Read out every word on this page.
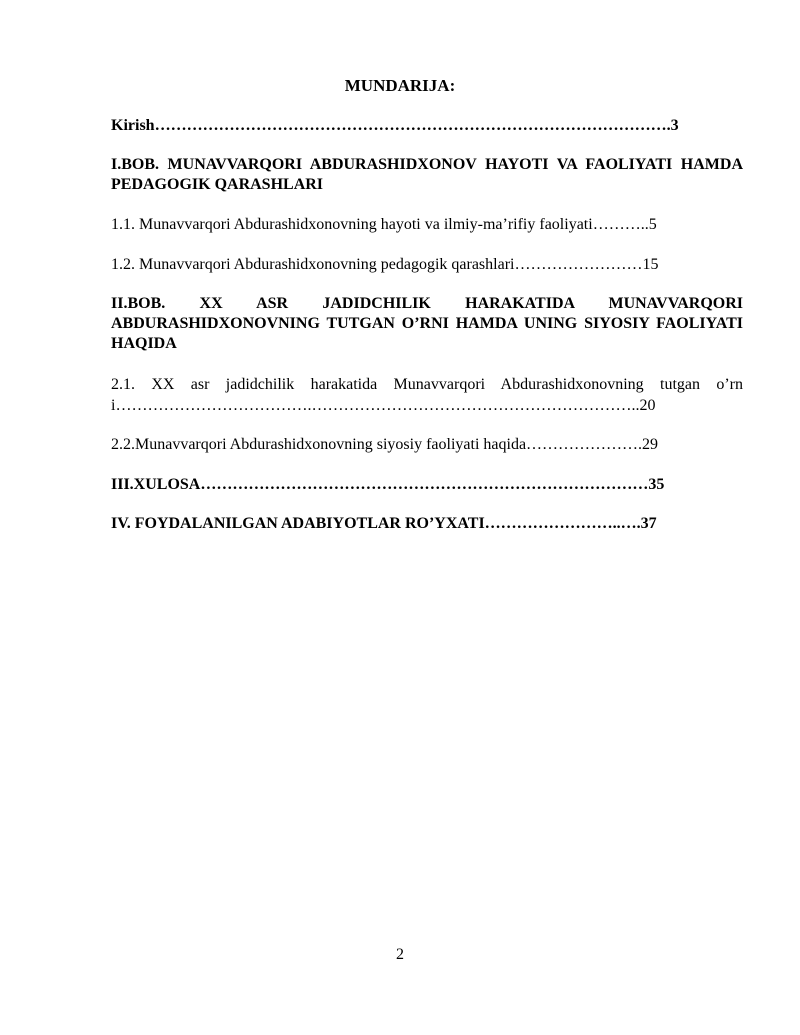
MUNDARIJA:
Kirish…………………………………………………………………………………….3
I.BOB. MUNAVVARQORI ABDURASHIDXONOV HAYOTI VA FAOLIYATI HAMDA PEDAGOGIK QARASHLARI
1.1. Munavvarqori Abdurashidxonovning hayoti va ilmiy-ma’rifiy faoliyati………..5
1.2. Munavvarqori Abdurashidxonovning pedagogik qarashlari……………………15
II.BOB. XX ASR JADIDCHILIK HARAKATIDA MUNAVVARQORI ABDURASHIDXONOVNING TUTGAN O’RNI HAMDA UNING SIYOSIY FAOLIYATI HAQIDA
2.1. XX asr jadidchilik harakatida Munavvarqori Abdurashidxonovning tutgan o’rni……………………………….……………………………………………………..20
2.2.Munavvarqori Abdurashidxonovning siyosiy faoliyati haqida………………….29
III.XULOSA…………………………………………………………………………35
IV. FOYDALANILGAN ADABIYOTLAR RO’YXATI……………………..….37
2
